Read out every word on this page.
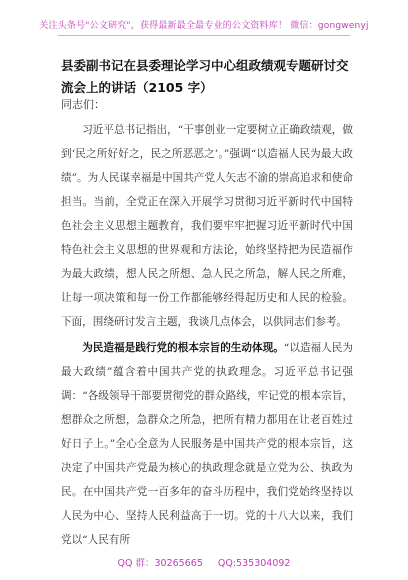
关注头条号"公文研究"，获得最新最全最专业的公文资料库！ 微信：gongwenyj
县委副书记在县委理论学习中心组政绩观专题研讨交流会上的讲话（2105 字）
同志们：

习近平总书记指出，“干事创业一定要树立正确政绩观，做到‘民之所好好之，民之所恶恶之’。”强调“以造福人民为最大政绩”。为人民谋幸福是中国共产党人矢志不渝的崇高追求和使命担当。当前，全党正在深入开展学习贯彻习近平新时代中国特色社会主义思想主题教育，我们要牢牢把握习近平新时代中国特色社会主义思想的世界观和方法论，始终坚持把为民造福作为最大政绩，想人民之所想、急人民之所急，解人民之所难，让每一项决策和每一份工作都能够经得起历史和人民的检验。下面，围绕研讨发言主题，我谈几点体会，以供同志们参考。

为民造福是践行党的根本宗旨的生动体现。“以造福人民为最大政绩”蕴含着中国共产党的执政理念。习近平总书记强调：“各级领导干部要贯彻党的群众路线，牢记党的根本宗旨，想群众之所想，急群众之所急，把所有精力都用在让老百姓过好日子上。”全心全意为人民服务是中国共产党的根本宗旨，这决定了中国共产党最为核心的执政理念就是立党为公、执政为民。在中国共产党一百多年的奋斗历程中，我们党始终坚持以人民为中心、坚持人民利益高于一切。党的十八大以来，我们党以“人民有所

QQ 群：30265665 QQ:535304092
